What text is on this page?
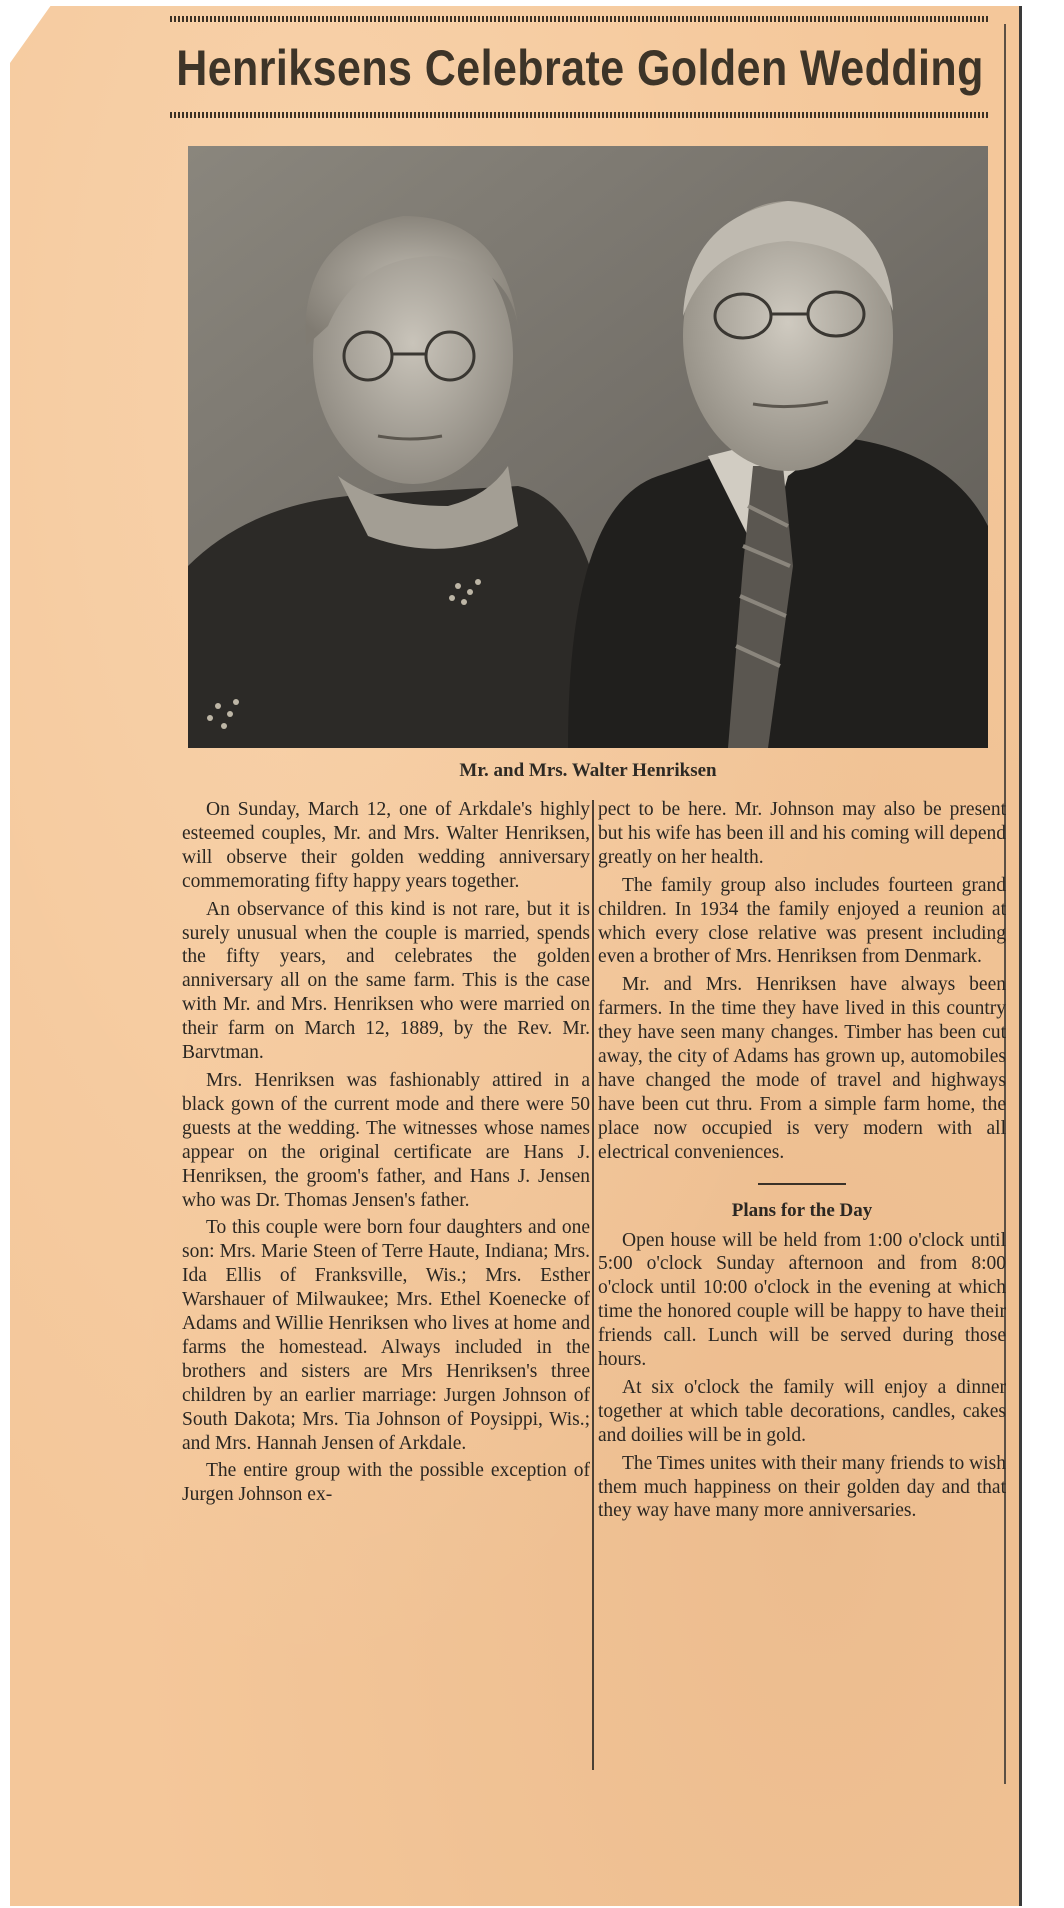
Henriksens Celebrate Golden Wedding
Mr. and Mrs. Walter Henriksen

On Sunday, March 12, one of Arkdale's highly esteemed couples, Mr. and Mrs. Walter Henriksen, will observe their golden wedding anniversary commemorating fifty happy years together.

An observance of this kind is not rare, but it is surely unusual when the couple is married, spends the fifty years, and celebrates the golden anniversary all on the same farm. This is the case with Mr. and Mrs. Henriksen who were married on their farm on March 12, 1889, by the Rev. Mr. Barvtman.

Mrs. Henriksen was fashionably attired in a black gown of the current mode and there were 50 guests at the wedding. The witnesses whose names appear on the original certificate are Hans J. Henriksen, the groom's father, and Hans J. Jensen who was Dr. Thomas Jensen's father.

To this couple were born four daughters and one son: Mrs. Marie Steen of Terre Haute, Indiana; Mrs. Ida Ellis of Franksville, Wis.; Mrs. Esther Warshauer of Milwaukee; Mrs. Ethel Koenecke of Adams and Willie Henriksen who lives at home and farms the homestead. Always included in the brothers and sisters are Mrs Henriksen's three children by an earlier marriage: Jurgen Johnson of South Dakota; Mrs. Tia Johnson of Poysippi, Wis.; and Mrs. Hannah Jensen of Arkdale.

The entire group with the possible exception of Jurgen Johnson ex-

pect to be here. Mr. Johnson may also be present but his wife has been ill and his coming will depend greatly on her health.

The family group also includes fourteen grand children. In 1934 the family enjoyed a reunion at which every close relative was present including even a brother of Mrs. Henriksen from Denmark.

Mr. and Mrs. Henriksen have always been farmers. In the time they have lived in this country they have seen many changes. Timber has been cut away, the city of Adams has grown up, automobiles have changed the mode of travel and highways have been cut thru. From a simple farm home, the place now occupied is very modern with all electrical conveniences.

Plans for the Day

Open house will be held from 1:00 o'clock until 5:00 o'clock Sunday afternoon and from 8:00 o'clock until 10:00 o'clock in the evening at which time the honored couple will be happy to have their friends call. Lunch will be served during those hours.

At six o'clock the family will enjoy a dinner together at which table decorations, candles, cakes and doilies will be in gold.

The Times unites with their many friends to wish them much happiness on their golden day and that they way have many more anniversaries.
